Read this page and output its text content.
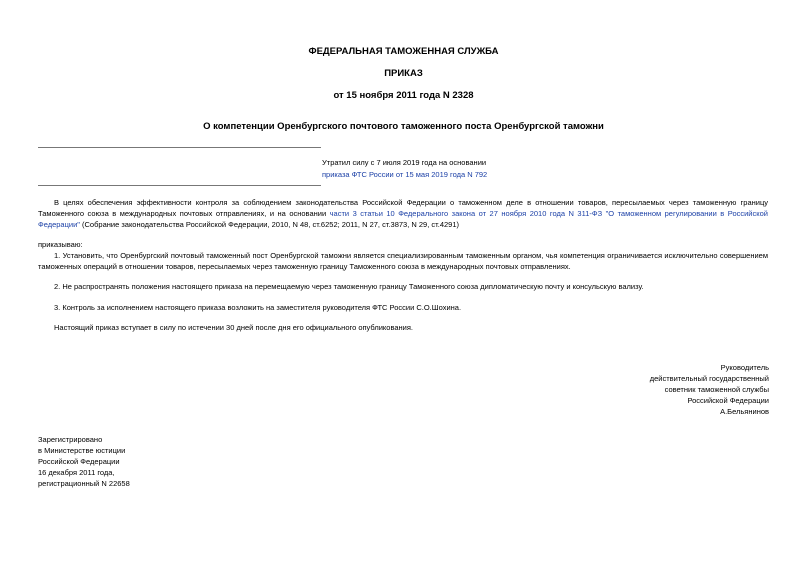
ФЕДЕРАЛЬНАЯ ТАМОЖЕННАЯ СЛУЖБА
ПРИКАЗ
от 15 ноября 2011 года N 2328
О компетенции Оренбургского почтового таможенного поста Оренбургской таможни
Утратил силу с 7 июля 2019 года на основании
приказа ФТС России от 15 мая 2019 года N 792
В целях обеспечения эффективности контроля за соблюдением законодательства Российской Федерации о таможенном деле в отношении товаров, пересылаемых через таможенную границу Таможенного союза в международных почтовых отправлениях, и на основании части 3 статьи 10 Федерального закона от 27 ноября 2010 года N 311-ФЗ "О таможенном регулировании в Российской Федерации" (Собрание законодательства Российской Федерации, 2010, N 48, ст.6252; 2011, N 27, ст.3873, N 29, ст.4291)
приказываю:
1. Установить, что Оренбургский почтовый таможенный пост Оренбургской таможни является специализированным таможенным органом, чья компетенция ограничивается исключительно совершением таможенных операций в отношении товаров, пересылаемых через таможенную границу Таможенного союза в международных почтовых отправлениях.
2. Не распространять положения настоящего приказа на перемещаемую через таможенную границу Таможенного союза дипломатическую почту и консульскую вализу.
3. Контроль за исполнением настоящего приказа возложить на заместителя руководителя ФТС России С.О.Шохина.
Настоящий приказ вступает в силу по истечении 30 дней после дня его официального опубликования.
Руководитель
действительный государственный
советник таможенной службы
Российской Федерации
А.Бельянинов
Зарегистрировано
в Министерстве юстиции
Российской Федерации
16 декабря 2011 года,
регистрационный N 22658
